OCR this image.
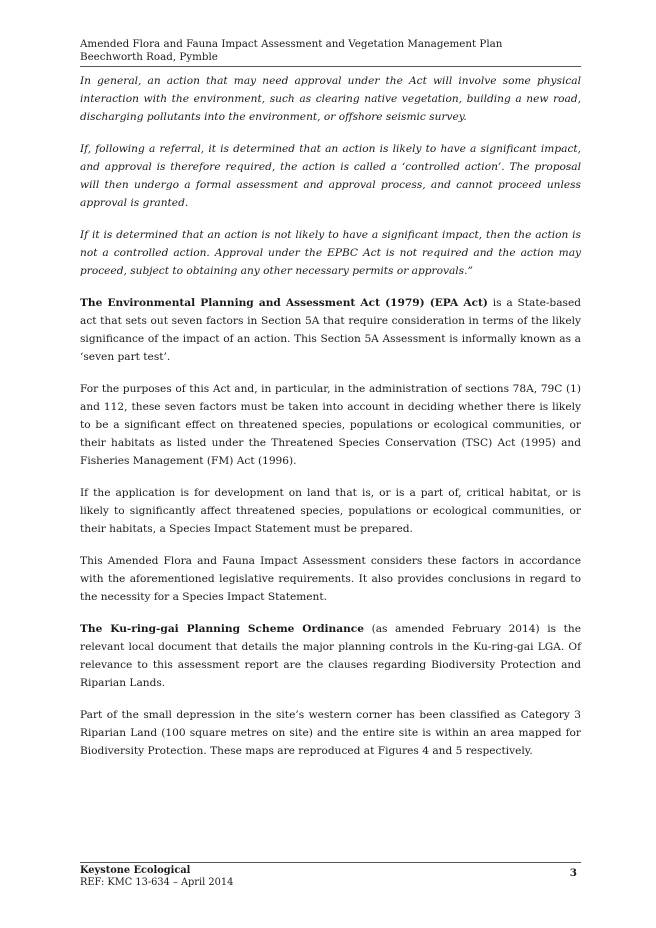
Amended Flora and Fauna Impact Assessment and Vegetation Management Plan
Beechworth Road, Pymble

In general, an action that may need approval under the Act will involve some physical interaction with the environment, such as clearing native vegetation, building a new road, discharging pollutants into the environment, or offshore seismic survey.

If, following a referral, it is determined that an action is likely to have a significant impact, and approval is therefore required, the action is called a ‘controlled action’. The proposal will then undergo a formal assessment and approval process, and cannot proceed unless approval is granted.

If it is determined that an action is not likely to have a significant impact, then the action is not a controlled action. Approval under the EPBC Act is not required and the action may proceed, subject to obtaining any other necessary permits or approvals.”

The Environmental Planning and Assessment Act (1979) (EPA Act) is a State-based act that sets out seven factors in Section 5A that require consideration in terms of the likely significance of the impact of an action. This Section 5A Assessment is informally known as a ‘seven part test’.

For the purposes of this Act and, in particular, in the administration of sections 78A, 79C (1) and 112, these seven factors must be taken into account in deciding whether there is likely to be a significant effect on threatened species, populations or ecological communities, or their habitats as listed under the Threatened Species Conservation (TSC) Act (1995) and Fisheries Management (FM) Act (1996).

If the application is for development on land that is, or is a part of, critical habitat, or is likely to significantly affect threatened species, populations or ecological communities, or their habitats, a Species Impact Statement must be prepared.

This Amended Flora and Fauna Impact Assessment considers these factors in accordance with the aforementioned legislative requirements. It also provides conclusions in regard to the necessity for a Species Impact Statement.

The Ku-ring-gai Planning Scheme Ordinance (as amended February 2014) is the relevant local document that details the major planning controls in the Ku-ring-gai LGA. Of relevance to this assessment report are the clauses regarding Biodiversity Protection and Riparian Lands.

Part of the small depression in the site’s western corner has been classified as Category 3 Riparian Land (100 square metres on site) and the entire site is within an area mapped for Biodiversity Protection. These maps are reproduced at Figures 4 and 5 respectively.

Keystone Ecological
REF: KMC 13-634 – April 2014
3
